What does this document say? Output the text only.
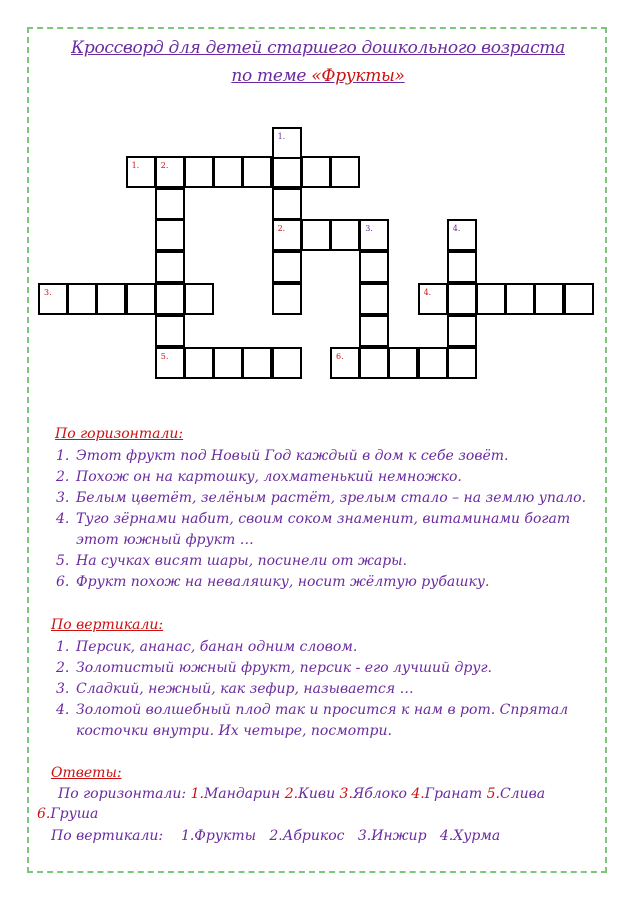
Кроссворд для детей старшего дошкольного возраста
по теме «Фрукты»
1.	2.
1.
2.
5.
3.	4.
3.	4.
6.
По горизонтали:
1. Этот фрукт под Новый Год каждый в дом к себе зовёт.
2. Похож он на картошку, лохматенький немножко.
3. Белым цветёт, зелёным растёт, зрелым стало – на землю упало.
4. Туго зёрнами набит, своим соком знаменит, витаминами богат этот южный фрукт …
5. На сучках висят шары, посинели от жары.
6. Фрукт похож на неваляшку, носит жёлтую рубашку.
По вертикали:
1. Персик, ананас, банан одним словом.
2. Золотистый южный фрукт, персик - его лучший друг.
3. Сладкий, нежный, как зефир, называется …
4. Золотой волшебный плод так и просится к нам в рот. Спрятал косточки внутри. Их четыре, посмотри.
Ответы:
По горизонтали: 1.Мандарин 2.Киви 3.Яблоко 4.Гранат 5.Слива
6.Груша
По вертикали:    1.Фрукты   2.Абрикос   3.Инжир   4.Хурма
